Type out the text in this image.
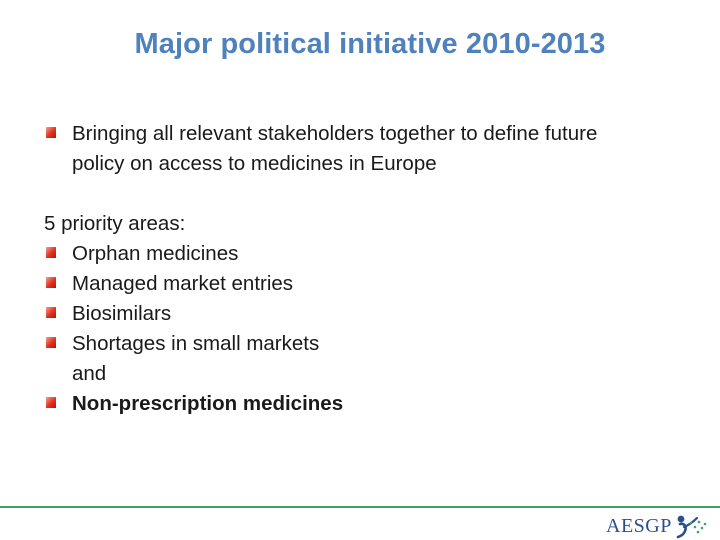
Major political initiative 2010-2013
Bringing all relevant stakeholders together to define future
policy on access to medicines in Europe
5 priority areas:
Orphan medicines
Managed market entries
Biosimilars
Shortages in small markets
and
Non-prescription medicines
AESGP
